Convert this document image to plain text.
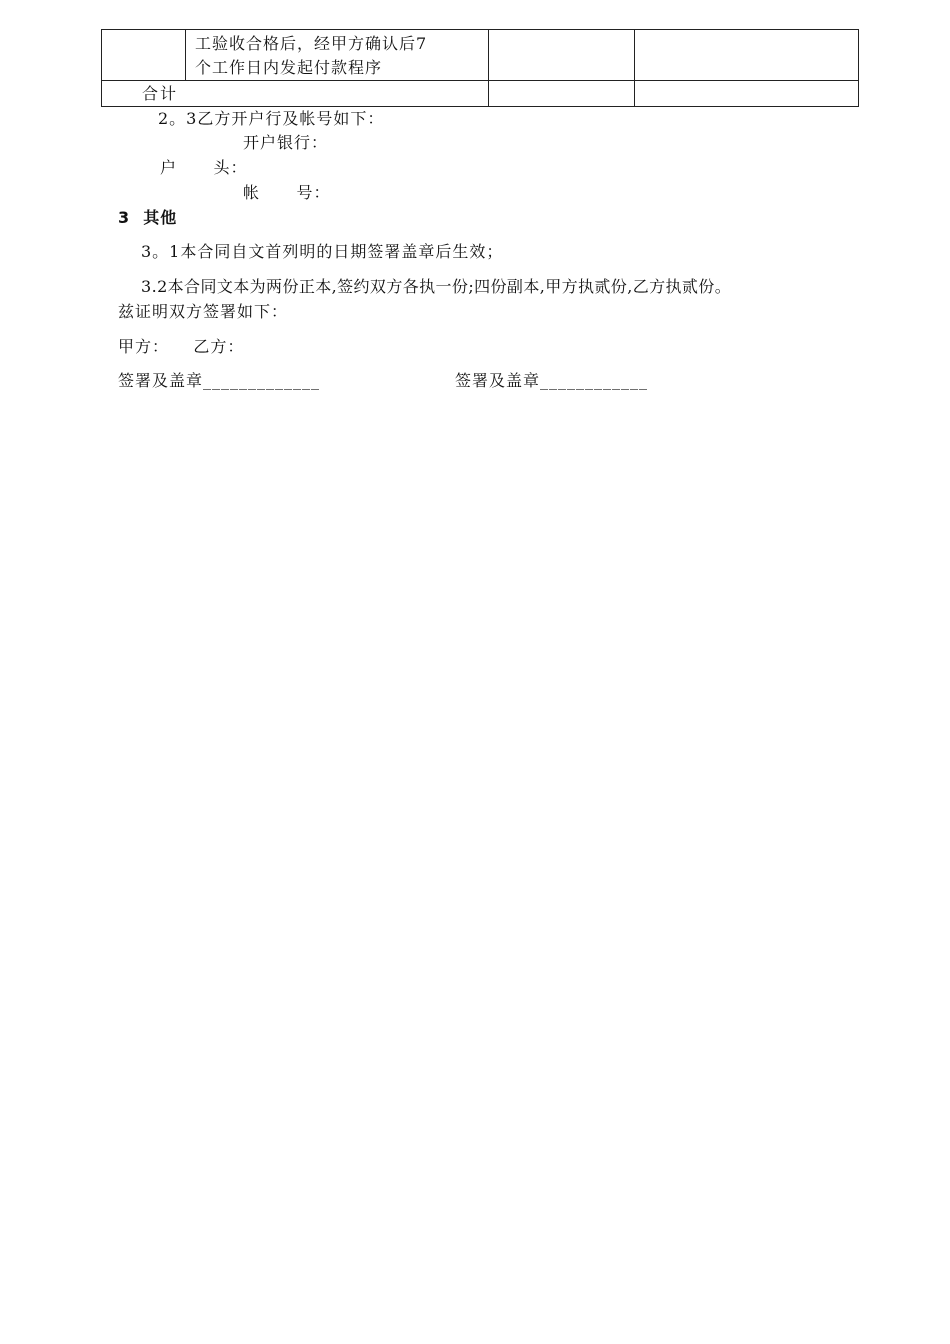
	工验收合格后，经甲方确认后7
个工作日内发起付款程序		

合计			
2。3乙方开户行及帐号如下：
开户银行：
户      头：
帐      号：
3  其他
3。1本合同自文首列明的日期签署盖章后生效；
3.2本合同文本为两份正本,签约双方各执一份;四份副本,甲方执贰份,乙方执贰份。
兹证明双方签署如下：
甲方：    乙方：
签署及盖章_____________	签署及盖章____________
